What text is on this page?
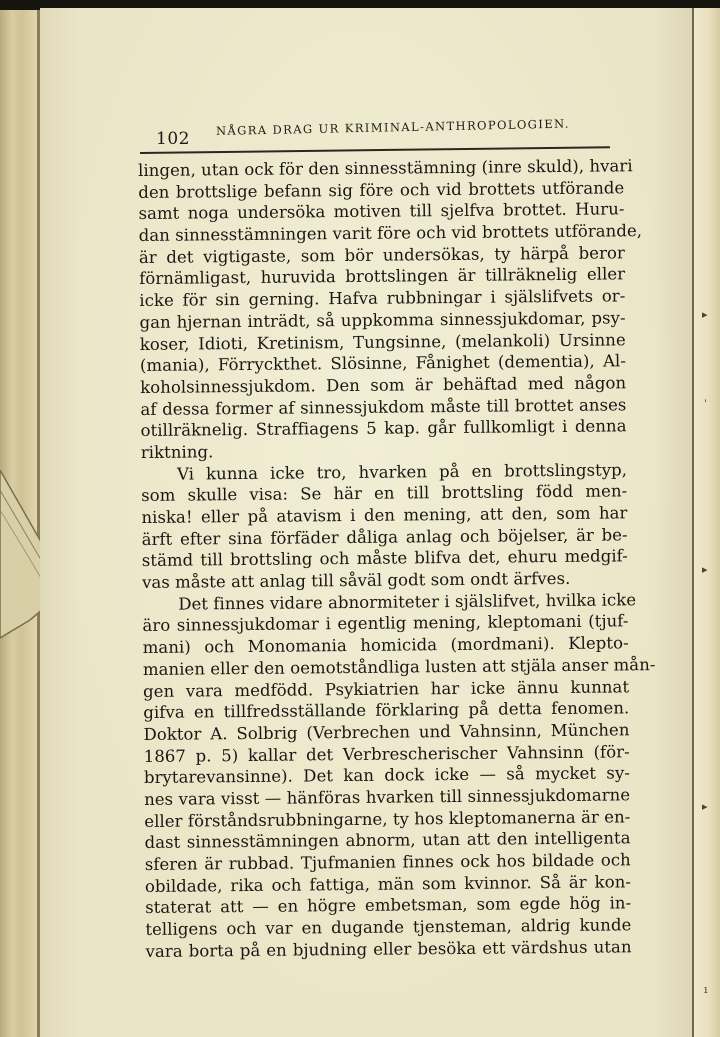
▸
ˈ
▸
▸
ı
102
NÅGRA DRAG UR KRIMINAL-ANTHROPOLOGIEN.
lingen, utan ock för den sinnesstämning (inre skuld), hvari
den brottslige befann sig före och vid brottets utförande
samt noga undersöka motiven till sjelfva brottet. Huru-
dan sinnesstämningen varit före och vid brottets utförande,
är det vigtigaste, som bör undersökas, ty härpå beror
förnämligast, huruvida brottslingen är tillräknelig eller
icke för sin gerning. Hafva rubbningar i själslifvets or-
gan hjernan inträdt, så uppkomma sinnessjukdomar, psy-
koser, Idioti, Kretinism, Tungsinne, (melankoli) Ursinne
(mania), Förryckthet. Slösinne, Fånighet (dementia), Al-
koholsinnessjukdom. Den som är behäftad med någon
af dessa former af sinnessjukdom måste till brottet anses
otillräknelig. Straffiagens 5 kap. går fullkomligt i denna
riktning.
Vi kunna icke tro, hvarken på en brottslingstyp,
som skulle visa: Se här en till brottsling född men-
niska! eller på atavism i den mening, att den, som har
ärft efter sina förfäder dåliga anlag och böjelser, är be-
stämd till brottsling och måste blifva det, ehuru medgif-
vas måste att anlag till såväl godt som ondt ärfves.
Det finnes vidare abnormiteter i själslifvet, hvilka icke
äro sinnessjukdomar i egentlig mening, kleptomani (tjuf-
mani) och Monomania homicida (mordmani). Klepto-
manien eller den oemotståndliga lusten att stjäla anser mån-
gen vara medfödd. Psykiatrien har icke ännu kunnat
gifva en tillfredsställande förklaring på detta fenomen.
Doktor A. Solbrig (Verbrechen und Vahnsinn, München
1867 p. 5) kallar det Verbrescherischer Vahnsinn (för-
brytarevansinne). Det kan dock icke — så mycket sy-
nes vara visst — hänföras hvarken till sinnessjukdomarne
eller förståndsrubbningarne, ty hos kleptomanerna är en-
dast sinnesstämningen abnorm, utan att den intelligenta
sferen är rubbad. Tjufmanien finnes ock hos bildade och
obildade, rika och fattiga, män som kvinnor. Så är kon-
staterat att — en högre embetsman, som egde hög in-
telligens och var en dugande tjensteman, aldrig kunde
vara borta på en bjudning eller besöka ett värdshus utan
